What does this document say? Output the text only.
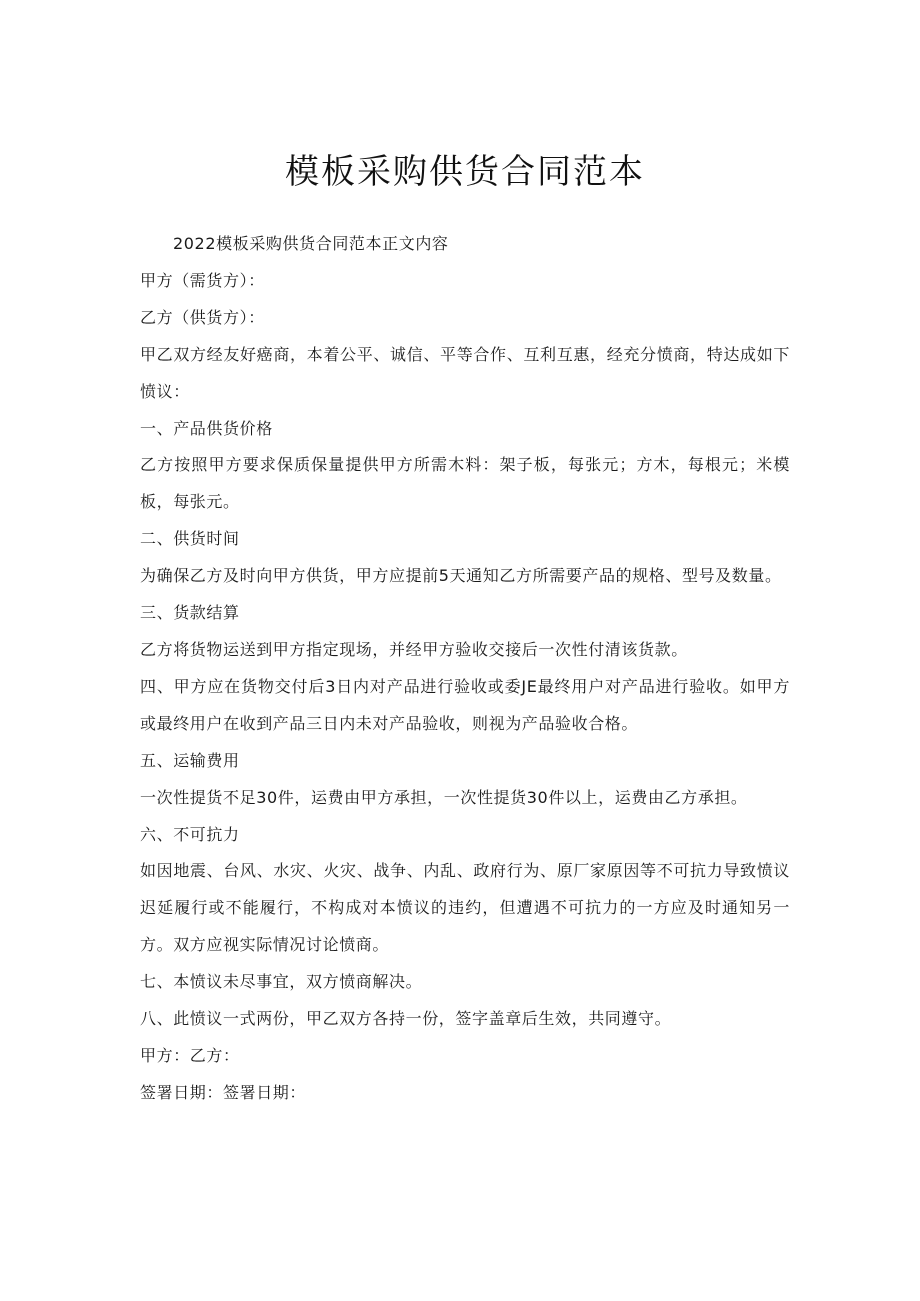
模板采购供货合同范本

2022模板采购供货合同范本正文内容

甲方（需货方）：

乙方（供货方）：

甲乙双方经友好癌商，本着公平、诚信、平等合作、互利互惠，经充分愤商，特达成如下愤议：

一、产品供货价格

乙方按照甲方要求保质保量提供甲方所需木料：架子板，每张元；方木，每根元；米模板，每张元。

二、供货时间

为确保乙方及时向甲方供货，甲方应提前5天通知乙方所需要产品的规格、型号及数量。

三、货款结算

乙方将货物运送到甲方指定现场，并经甲方验收交接后一次性付清该货款。

四、甲方应在货物交付后3日内对产品进行验收或委JE最终用户对产品进行验收。如甲方或最终用户在收到产品三日内未对产品验收，则视为产品验收合格。

五、运输费用

一次性提货不足30件，运费由甲方承担，一次性提货30件以上，运费由乙方承担。

六、不可抗力

如因地震、台风、水灾、火灾、战争、内乱、政府行为、原厂家原因等不可抗力导致愤议迟延履行或不能履行，不构成对本愤议的违约，但遭遇不可抗力的一方应及时通知另一方。双方应视实际情况讨论愤商。

七、本愤议未尽事宜，双方愤商解决。

八、此愤议一式两份，甲乙双方各持一份，签字盖章后生效，共同遵守。

甲方：乙方：

签署日期：签署日期：
